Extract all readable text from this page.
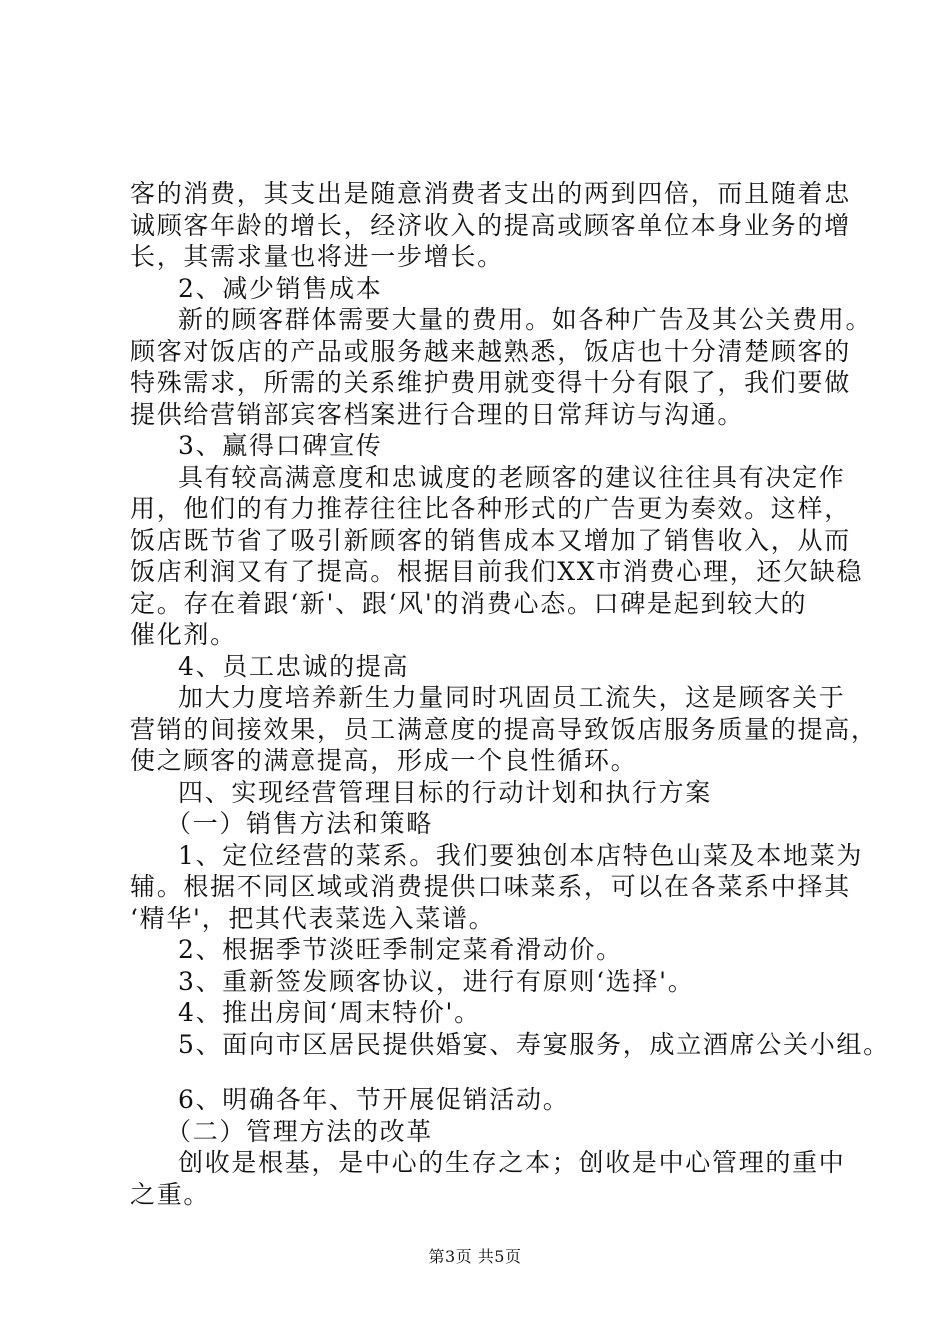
客的消费，其支出是随意消费者支出的两到四倍，而且随着忠
诚顾客年龄的增长，经济收入的提高或顾客单位本身业务的增
长，其需求量也将进一步增长。
2、减少销售成本
新的顾客群体需要大量的费用。如各种广告及其公关费用。
顾客对饭店的产品或服务越来越熟悉，饭店也十分清楚顾客的
特殊需求，所需的关系维护费用就变得十分有限了，我们要做
提供给营销部宾客档案进行合理的日常拜访与沟通。
3、赢得口碑宣传
具有较高满意度和忠诚度的老顾客的建议往往具有决定作
用，他们的有力推荐往往比各种形式的广告更为奏效。这样，
饭店既节省了吸引新顾客的销售成本又增加了销售收入，从而
饭店利润又有了提高。根据目前我们XX市消费心理，还欠缺稳
定。存在着跟‘新'、跟‘风'的消费心态。口碑是起到较大的
催化剂。
4、员工忠诚的提高
加大力度培养新生力量同时巩固员工流失，这是顾客关于
营销的间接效果，员工满意度的提高导致饭店服务质量的提高，
使之顾客的满意提高，形成一个良性循环。
四、实现经营管理目标的行动计划和执行方案
（一）销售方法和策略
1、定位经营的菜系。我们要独创本店特色山菜及本地菜为
辅。根据不同区域或消费提供口味菜系，可以在各菜系中择其
‘精华'，把其代表菜选入菜谱。
2、根据季节淡旺季制定菜肴滑动价。
3、重新签发顾客协议，进行有原则‘选择'。
4、推出房间‘周末特价'。
5、面向市区居民提供婚宴、寿宴服务，成立酒席公关小组。
6、明确各年、节开展促销活动。
（二）管理方法的改革
创收是根基，是中心的生存之本；创收是中心管理的重中
之重。
第3页 共5页
